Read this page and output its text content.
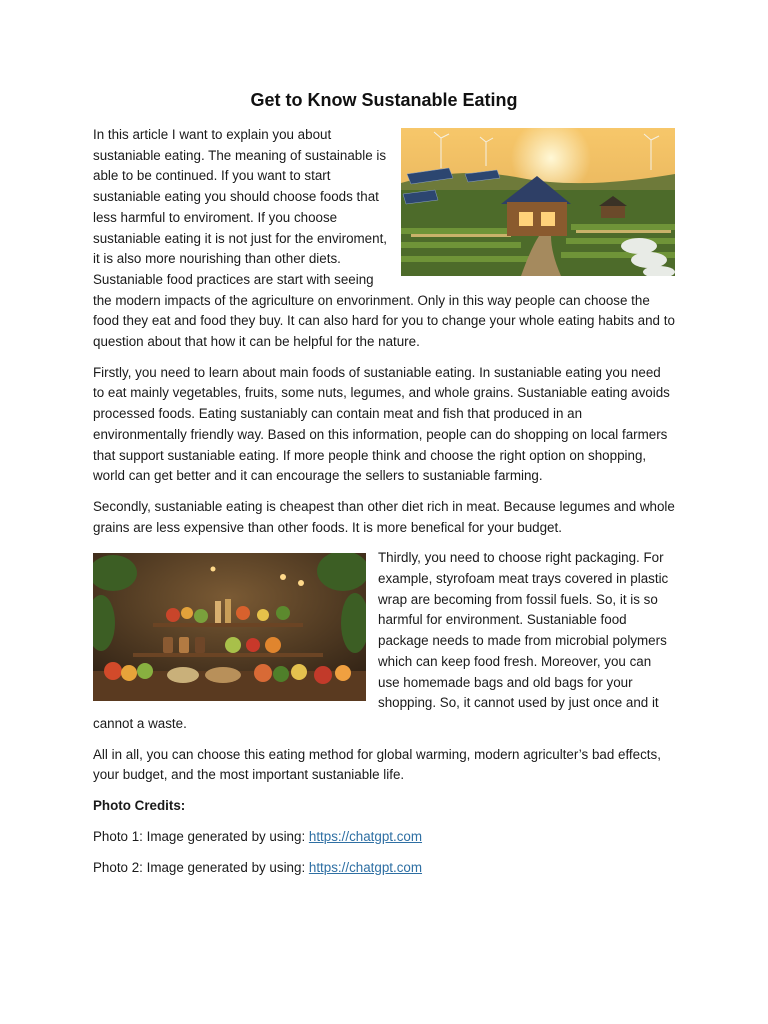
Get to Know Sustanable Eating

In this article I want to explain you about sustaniable eating. The meaning of sustainable is able to be continued. If you want to start sustaniable eating you should choose foods that less harmful to enviroment. If you choose sustaniable eating it is not just for the enviroment, it is also more nourishing than other diets. Sustaniable food practices are start with seeing the modern impacts of the agriculture on envorinment. Only in this way people can choose the food they eat and food they buy. It can also hard for you to change your whole eating habits and to question about that how it can be helpful for the nature.

Firstly, you need to learn about main foods of sustaniable eating. In sustaniable eating you need to eat mainly vegetables, fruits, some nuts, legumes, and whole grains. Sustaniable eating avoids processed foods. Eating sustaniably can contain meat and fish that produced in an environmentally friendly way. Based on this information, people can do shopping on local farmers that support sustaniable eating. If more people think and choose the right option on shopping, world can get better and it can encourage the sellers to sustaniable farming.

Secondly, sustaniable eating is cheapest than other diet rich in meat. Because legumes and whole grains are less expensive than other foods. It is more benefical for your budget.

Thirdly, you need to choose right packaging. For example, styrofoam meat trays covered in plastic wrap are becoming from fossil fuels. So, it is so harmful for environment. Sustaniable food package needs to made from microbial polymers which can keep food fresh. Moreover, you can use homemade bags and old bags for your shopping. So, it cannot used by just once and it cannot a waste.

All in all, you can choose this eating method for global warming, modern agriculter’s bad effects, your budget, and the most important sustaniable life.

Photo Credits:

Photo 1: Image generated by using: https://chatgpt.com

Photo 2: Image generated by using: https://chatgpt.com
